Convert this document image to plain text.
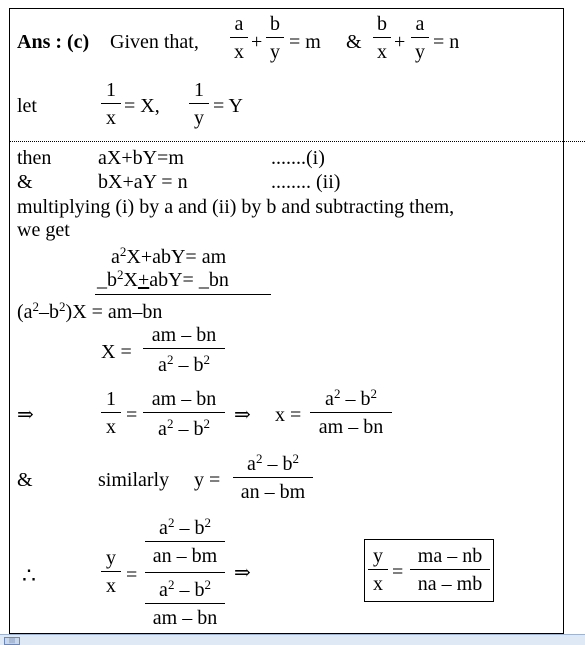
Ans : (c) Given that,
a
x +
b
y = m &
b
x +
a
y = n
let
1
x
= X,
1
y
= Y
then aX+bY=m	.......(i)
&	bX+aY = n	........ (ii)
multiplying (i) by a and (ii) by b and subtracting them,
we get
$a^2X+abY=$ am
$\_b^2X+abY=$ _bn
$(a^2-b^2)X = am-bn$
X =
am – bn
$a^2 - b^2$
⇒
1
x
=
am – bn
$a^2 - b^2$ ⇒ x =
$a^2 - b^2$
am – bn
&	similarly y =
$a^2 - b^2$
an – bm
∴
y
x =
$a^2 - b^2$
an – bm
$a^2 - b^2$
am – bn
⇒
y
x
=
ma – nb
na – mb
|||
